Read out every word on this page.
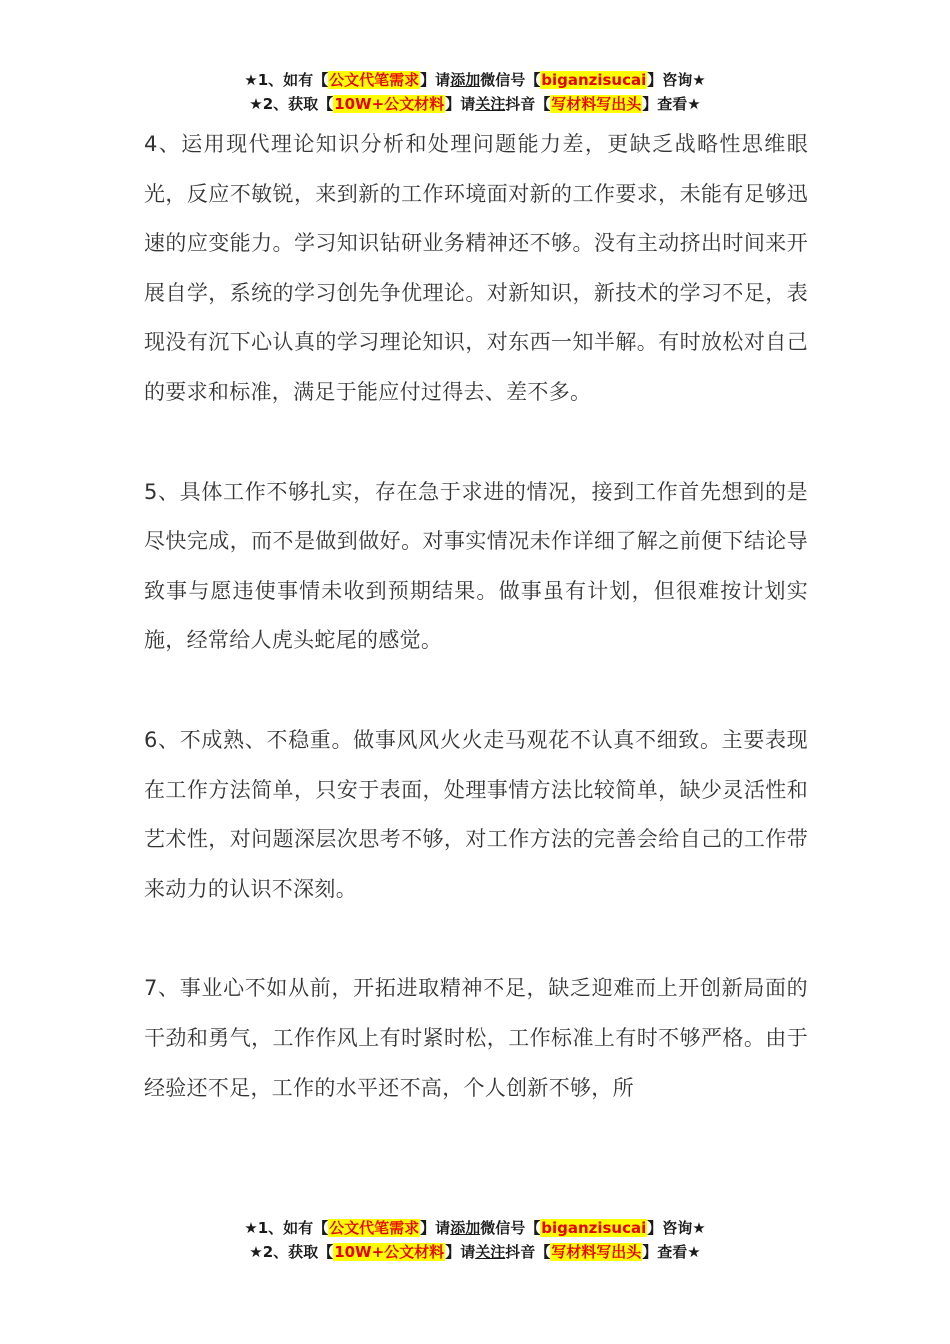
★1、如有【公文代笔需求】请添加微信号【biganzisucai】咨询★
★2、获取【10W+公文材料】请关注抖音【写材料写出头】查看★

4、运用现代理论知识分析和处理问题能力差，更缺乏战略性思维眼光，反应不敏锐，来到新的工作环境面对新的工作要求，未能有足够迅速的应变能力。学习知识钻研业务精神还不够。没有主动挤出时间来开展自学，系统的学习创先争优理论。对新知识，新技术的学习不足，表现没有沉下心认真的学习理论知识，对东西一知半解。有时放松对自己的要求和标准，满足于能应付过得去、差不多。

5、具体工作不够扎实，存在急于求进的情况，接到工作首先想到的是尽快完成，而不是做到做好。对事实情况未作详细了解之前便下结论导致事与愿违使事情未收到预期结果。做事虽有计划，但很难按计划实施，经常给人虎头蛇尾的感觉。

6、不成熟、不稳重。做事风风火火走马观花不认真不细致。主要表现在工作方法简单，只安于表面，处理事情方法比较简单，缺少灵活性和艺术性，对问题深层次思考不够，对工作方法的完善会给自己的工作带来动力的认识不深刻。

7、事业心不如从前，开拓进取精神不足，缺乏迎难而上开创新局面的干劲和勇气，工作作风上有时紧时松，工作标准上有时不够严格。由于经验还不足，工作的水平还不高，个人创新不够，所

★1、如有【公文代笔需求】请添加微信号【biganzisucai】咨询★
★2、获取【10W+公文材料】请关注抖音【写材料写出头】查看★
